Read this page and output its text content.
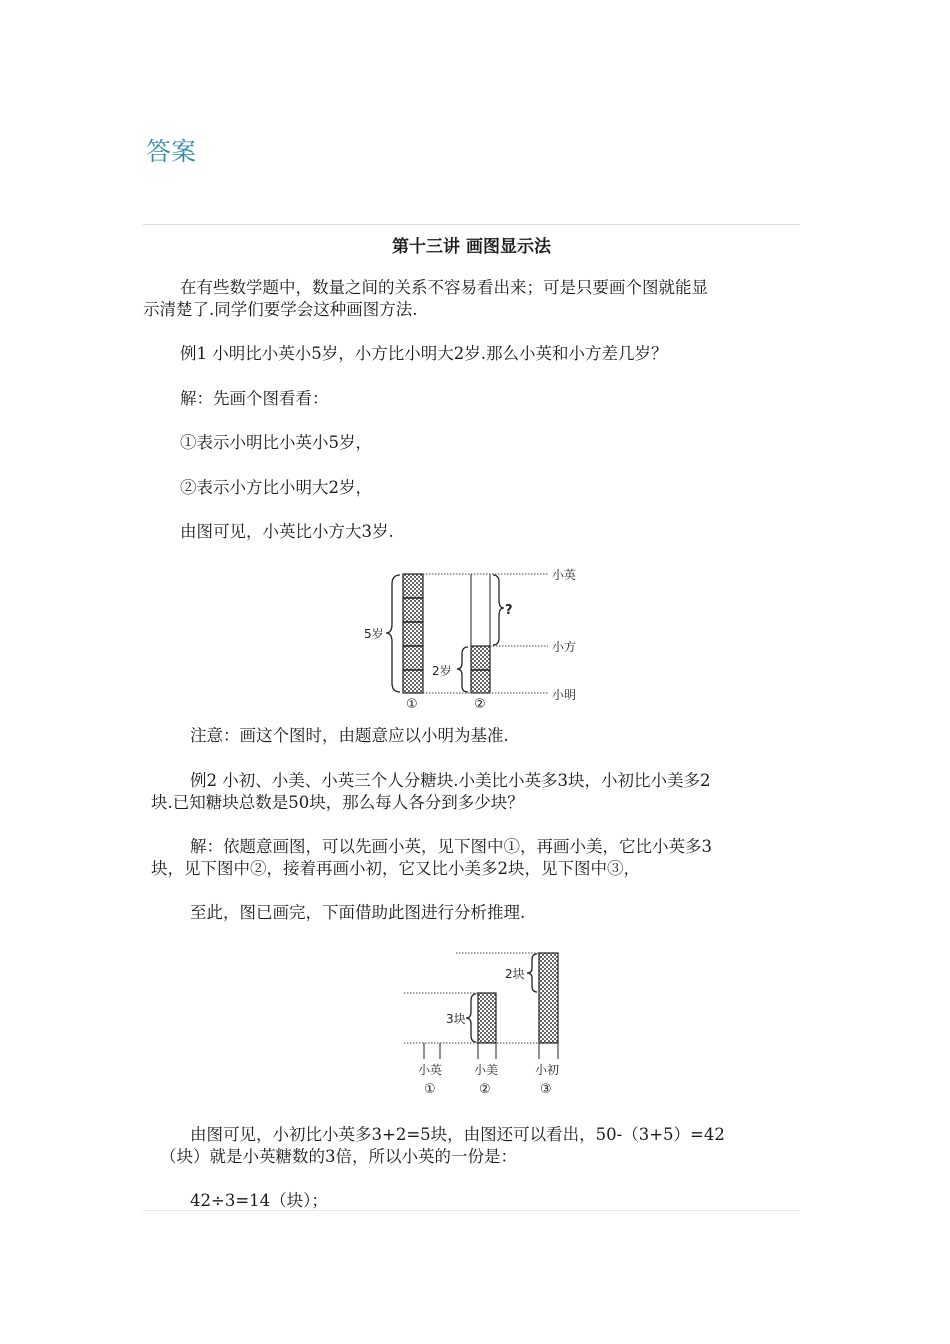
答案
第十三讲 画图显示法
在有些数学题中，数量之间的关系不容易看出来；可是只要画个图就能显
示清楚了.同学们要学会这种画图方法.
例1 小明比小英小5岁，小方比小明大2岁.那么小英和小方差几岁？
解：先画个图看看：
①表示小明比小英小5岁，
②表示小方比小明大2岁，
由图可见，小英比小方大3岁.
5岁
2岁
?
小英
小方
小明
①	②
注意：画这个图时，由题意应以小明为基准.
例2 小初、小美、小英三个人分糖块.小美比小英多3块，小初比小美多2
块.已知糖块总数是50块，那么每人各分到多少块？
解：依题意画图，可以先画小英，见下图中①，再画小美，它比小英多3
块，见下图中②，接着再画小初，它又比小美多2块，见下图中③，
至此，图已画完，下面借助此图进行分析推理.
3块
2块
小英	小美	小初
①	②	③
由图可见，小初比小英多3+2=5块，由图还可以看出，50-（3+5）=42
（块）就是小英糖数的3倍，所以小英的一份是：
42÷3=14（块）；
